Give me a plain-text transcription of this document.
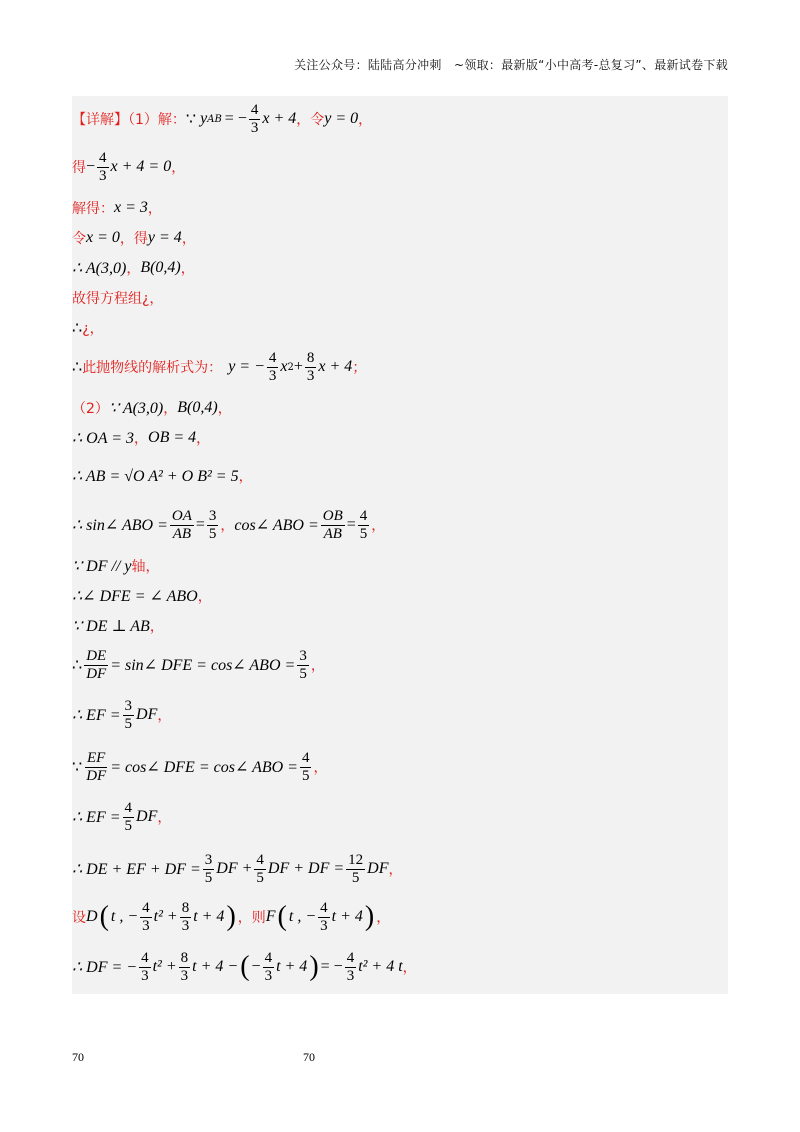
关注公众号：陆陆高分冲刺　~领取：最新版“小中高考-总复习”、最新试卷下载
【详解】（1）解： ∵ y AB = − $\frac{4}{3}$ x + 4 ，令 y = 0 ，
得 − $\frac{4}{3}$ x + 4 = 0 ，
解得： x = 3 ，
令 x = 0 ，得 y = 4 ，
∴ A(3,0) ， B(0,4) ，
故得方程组¿，
∴ ¿，
∴ 此抛物线的解析式为： y = − $\frac{4}{3}$ x $2 + \frac{8}{3}$ x + 4 ；
（2） ∵ A(3,0) ， B(0,4) ，
∴ OA = 3 ， OB = 4 ，
∴ AB = √O A² + O B² = 5 ，
∴ sin∠ ABO = $\frac{OA}{AB} = \frac{3}{5}$ ， cos∠ ABO = $\frac{OB}{AB} = \frac{4}{5}$ ，
∵ DF // y 轴 ，
∴∠ DFE = ∠ ABO ，
∵ DE ⊥ AB ，
∴ $\frac{DE}{DF}$ = sin∠ DFE = cos∠ ABO = $\frac{3}{5}$ ，
∴ EF = $\frac{3}{5}$ DF ，
∵ $\frac{EF}{DF}$ = cos∠ DFE = cos∠ ABO = $\frac{4}{5}$ ，
∴ EF = $\frac{4}{5}$ DF ，
∴ DE + EF + DF = $\frac{3}{5}$ DF + $\frac{4}{5}$ DF + DF = $\frac{12}{5}$ DF ，
设 D ( t , − $\frac{4}{3} t^2 + \frac{8}{3}$ t + 4 ) ，则 F ( t , − $\frac{4}{3}$ t + 4 ) ，
∴ DF = − $\frac{4}{3} t^2 + \frac{8}{3}$ t + 4 − ( − $\frac{4}{3}$ t + 4 ) = − $\frac{4}{3} t^2 + 4$ t ，
70	70
